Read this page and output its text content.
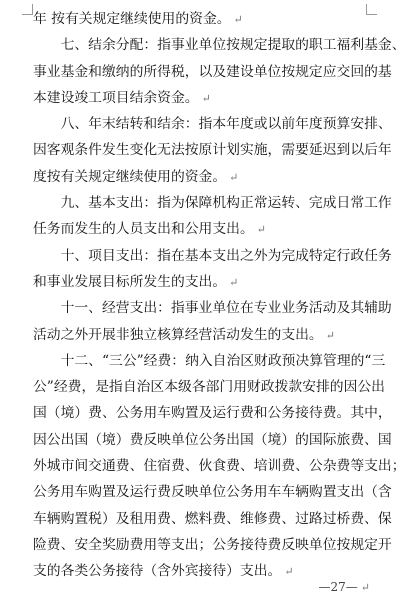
年 按有关规定继续使用的资金。 ↵
　　七、结余分配：指事业单位按规定提取的职工福利基金、
事业基金和缴纳的所得税，以及建设单位按规定应交回的基
本建设竣工项目结余资金。 ↵
　　八、年末结转和结余：指本年度或以前年度预算安排、
因客观条件发生变化无法按原计划实施，需要延迟到以后年
度按有关规定继续使用的资金。 ↵
　　九、基本支出：指为保障机构正常运转、完成日常工作
任务而发生的人员支出和公用支出。 ↵
　　十、项目支出：指在基本支出之外为完成特定行政任务
和事业发展目标所发生的支出。 ↵
　　十一、经营支出：指事业单位在专业业务活动及其辅助
活动之外开展非独立核算经营活动发生的支出。 ↵
　　十二、“三公”经费：纳入自治区财政预决算管理的“三
公”经费，是指自治区本级各部门用财政拨款安排的因公出
国（境）费、公务用车购置及运行费和公务接待费。其中，
因公出国（境）费反映单位公务出国（境）的国际旅费、国
外城市间交通费、住宿费、伙食费、培训费、公杂费等支出；
公务用车购置及运行费反映单位公务用车车辆购置支出（含
车辆购置税）及租用费、燃料费、维修费、过路过桥费、保
险费、安全奖励费用等支出；公务接待费反映单位按规定开
支的各类公务接待（含外宾接待）支出。 ↵
—27— ↵
